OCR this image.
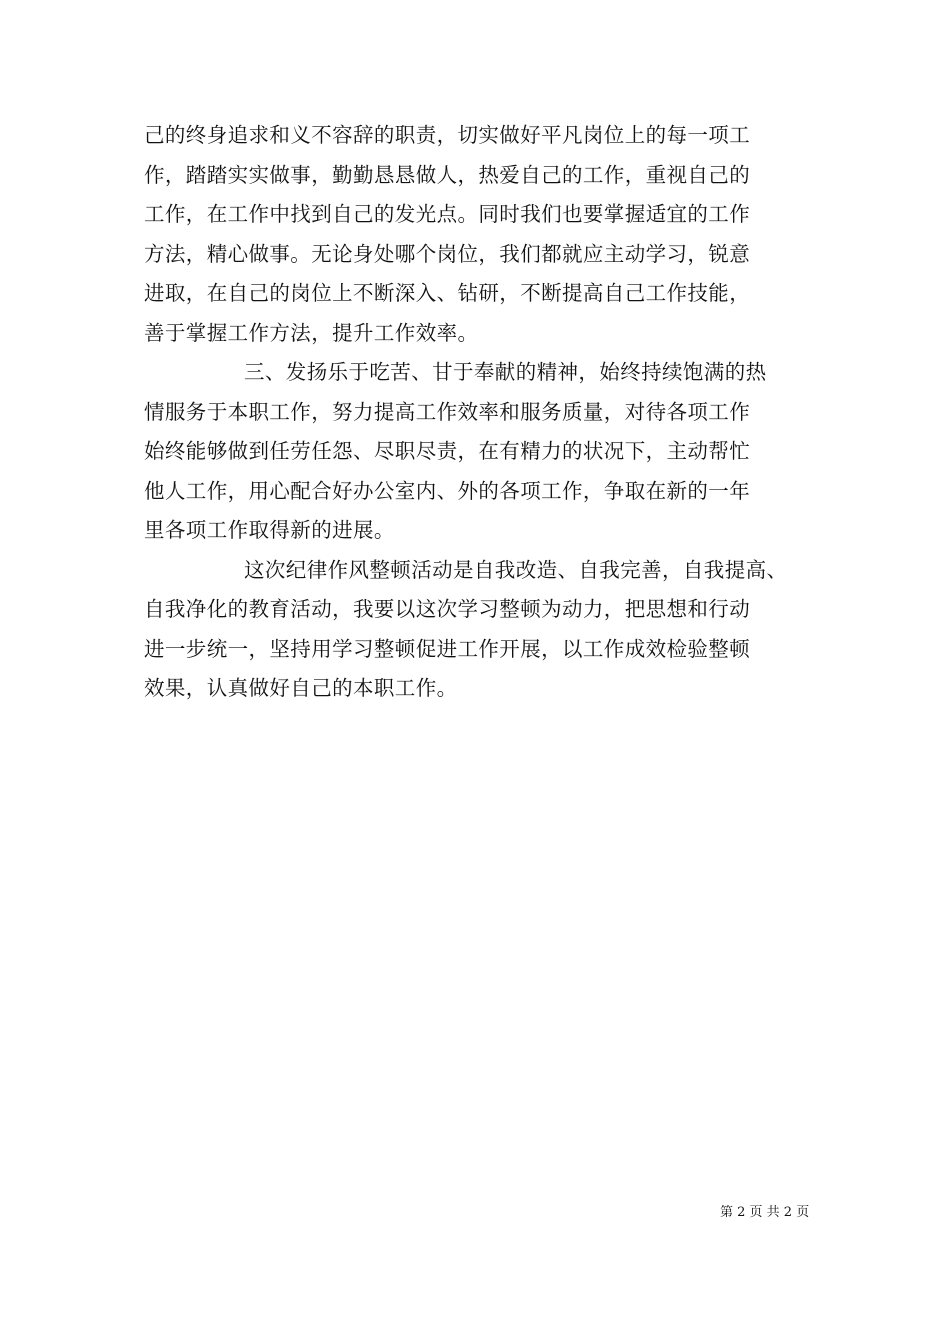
己的终身追求和义不容辞的职责，切实做好平凡岗位上的每一项工
作，踏踏实实做事，勤勤恳恳做人，热爱自己的工作，重视自己的
工作，在工作中找到自己的发光点。同时我们也要掌握适宜的工作
方法，精心做事。无论身处哪个岗位，我们都就应主动学习，锐意
进取，在自己的岗位上不断深入、钻研，不断提高自己工作技能，
善于掌握工作方法，提升工作效率。
三、发扬乐于吃苦、甘于奉献的精神，始终持续饱满的热
情服务于本职工作，努力提高工作效率和服务质量，对待各项工作
始终能够做到任劳任怨、尽职尽责，在有精力的状况下，主动帮忙
他人工作，用心配合好办公室内、外的各项工作，争取在新的一年
里各项工作取得新的进展。
这次纪律作风整顿活动是自我改造、自我完善，自我提高、
自我净化的教育活动，我要以这次学习整顿为动力，把思想和行动
进一步统一，坚持用学习整顿促进工作开展，以工作成效检验整顿
效果，认真做好自己的本职工作。
第 2 页 共 2 页
